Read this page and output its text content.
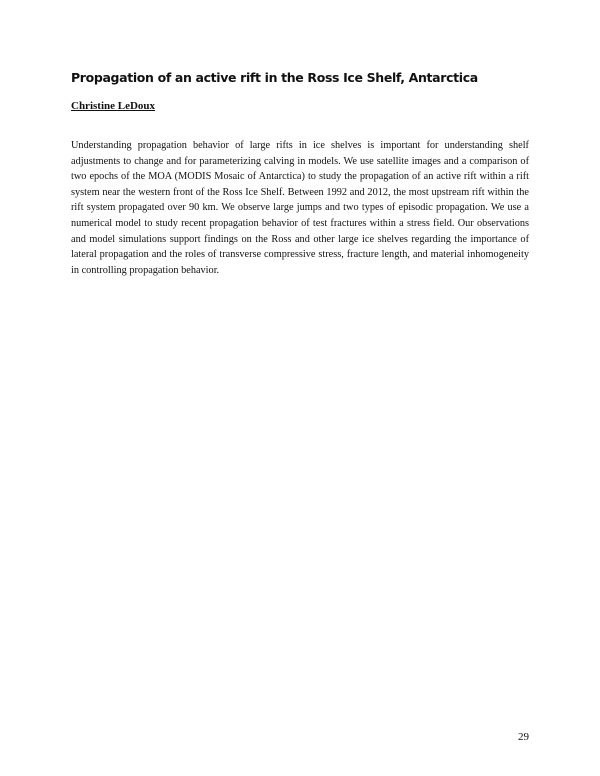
Propagation of an active rift in the Ross Ice Shelf, Antarctica

Christine LeDoux

Understanding propagation behavior of large rifts in ice shelves is important for understanding shelf adjustments to change and for parameterizing calving in models. We use satellite images and a comparison of two epochs of the MOA (MODIS Mosaic of Antarctica) to study the propagation of an active rift within a rift system near the western front of the Ross Ice Shelf. Between 1992 and 2012, the most upstream rift within the rift system propagated over 90 km. We observe large jumps and two types of episodic propagation. We use a numerical model to study recent propagation behavior of test fractures within a stress field. Our observations and model simulations support findings on the Ross and other large ice shelves regarding the importance of lateral propagation and the roles of transverse compressive stress, fracture length, and material inhomogeneity in controlling propagation behavior.

29
